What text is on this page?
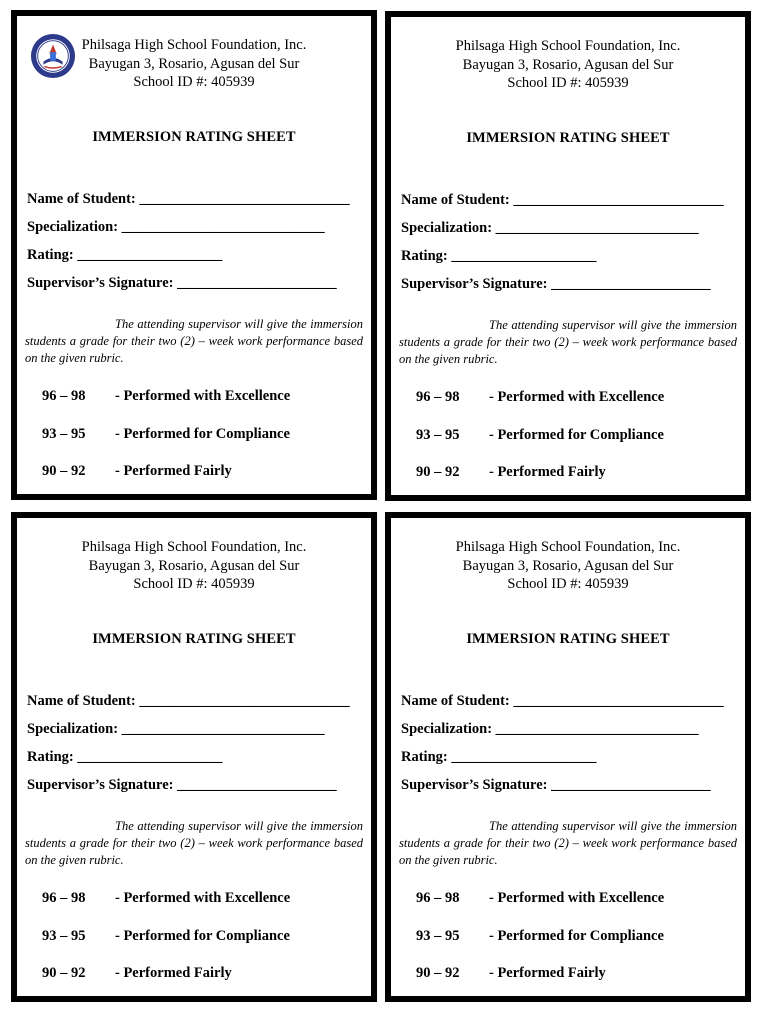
Philsaga High School Foundation, Inc.
Bayugan 3, Rosario, Agusan del Sur
School ID #: 405939
IMMERSION RATING SHEET
Name of Student: _____________________________
Specialization: ____________________________
Rating: ____________________
Supervisor’s Signature: ______________________
The attending supervisor will give the immersion students a grade for their two (2) – week work performance based on the given rubric.
96 – 98 - Performed with Excellence
93 – 95 - Performed for Compliance
90 – 92 - Performed Fairly
Philsaga High School Foundation, Inc.
Bayugan 3, Rosario, Agusan del Sur
School ID #: 405939
IMMERSION RATING SHEET
Name of Student: _____________________________
Specialization: ____________________________
Rating: ____________________
Supervisor’s Signature: ______________________
The attending supervisor will give the immersion students a grade for their two (2) – week work performance based on the given rubric.
96 – 98 - Performed with Excellence
93 – 95 - Performed for Compliance
90 – 92 - Performed Fairly
Philsaga High School Foundation, Inc.
Bayugan 3, Rosario, Agusan del Sur
School ID #: 405939
IMMERSION RATING SHEET
Name of Student: _____________________________
Specialization: ____________________________
Rating: ____________________
Supervisor’s Signature: ______________________
The attending supervisor will give the immersion students a grade for their two (2) – week work performance based on the given rubric.
96 – 98 - Performed with Excellence
93 – 95 - Performed for Compliance
90 – 92 - Performed Fairly
Philsaga High School Foundation, Inc.
Bayugan 3, Rosario, Agusan del Sur
School ID #: 405939
IMMERSION RATING SHEET
Name of Student: _____________________________
Specialization: ____________________________
Rating: ____________________
Supervisor’s Signature: ______________________
The attending supervisor will give the immersion students a grade for their two (2) – week work performance based on the given rubric.
96 – 98 - Performed with Excellence
93 – 95 - Performed for Compliance
90 – 92 - Performed Fairly
